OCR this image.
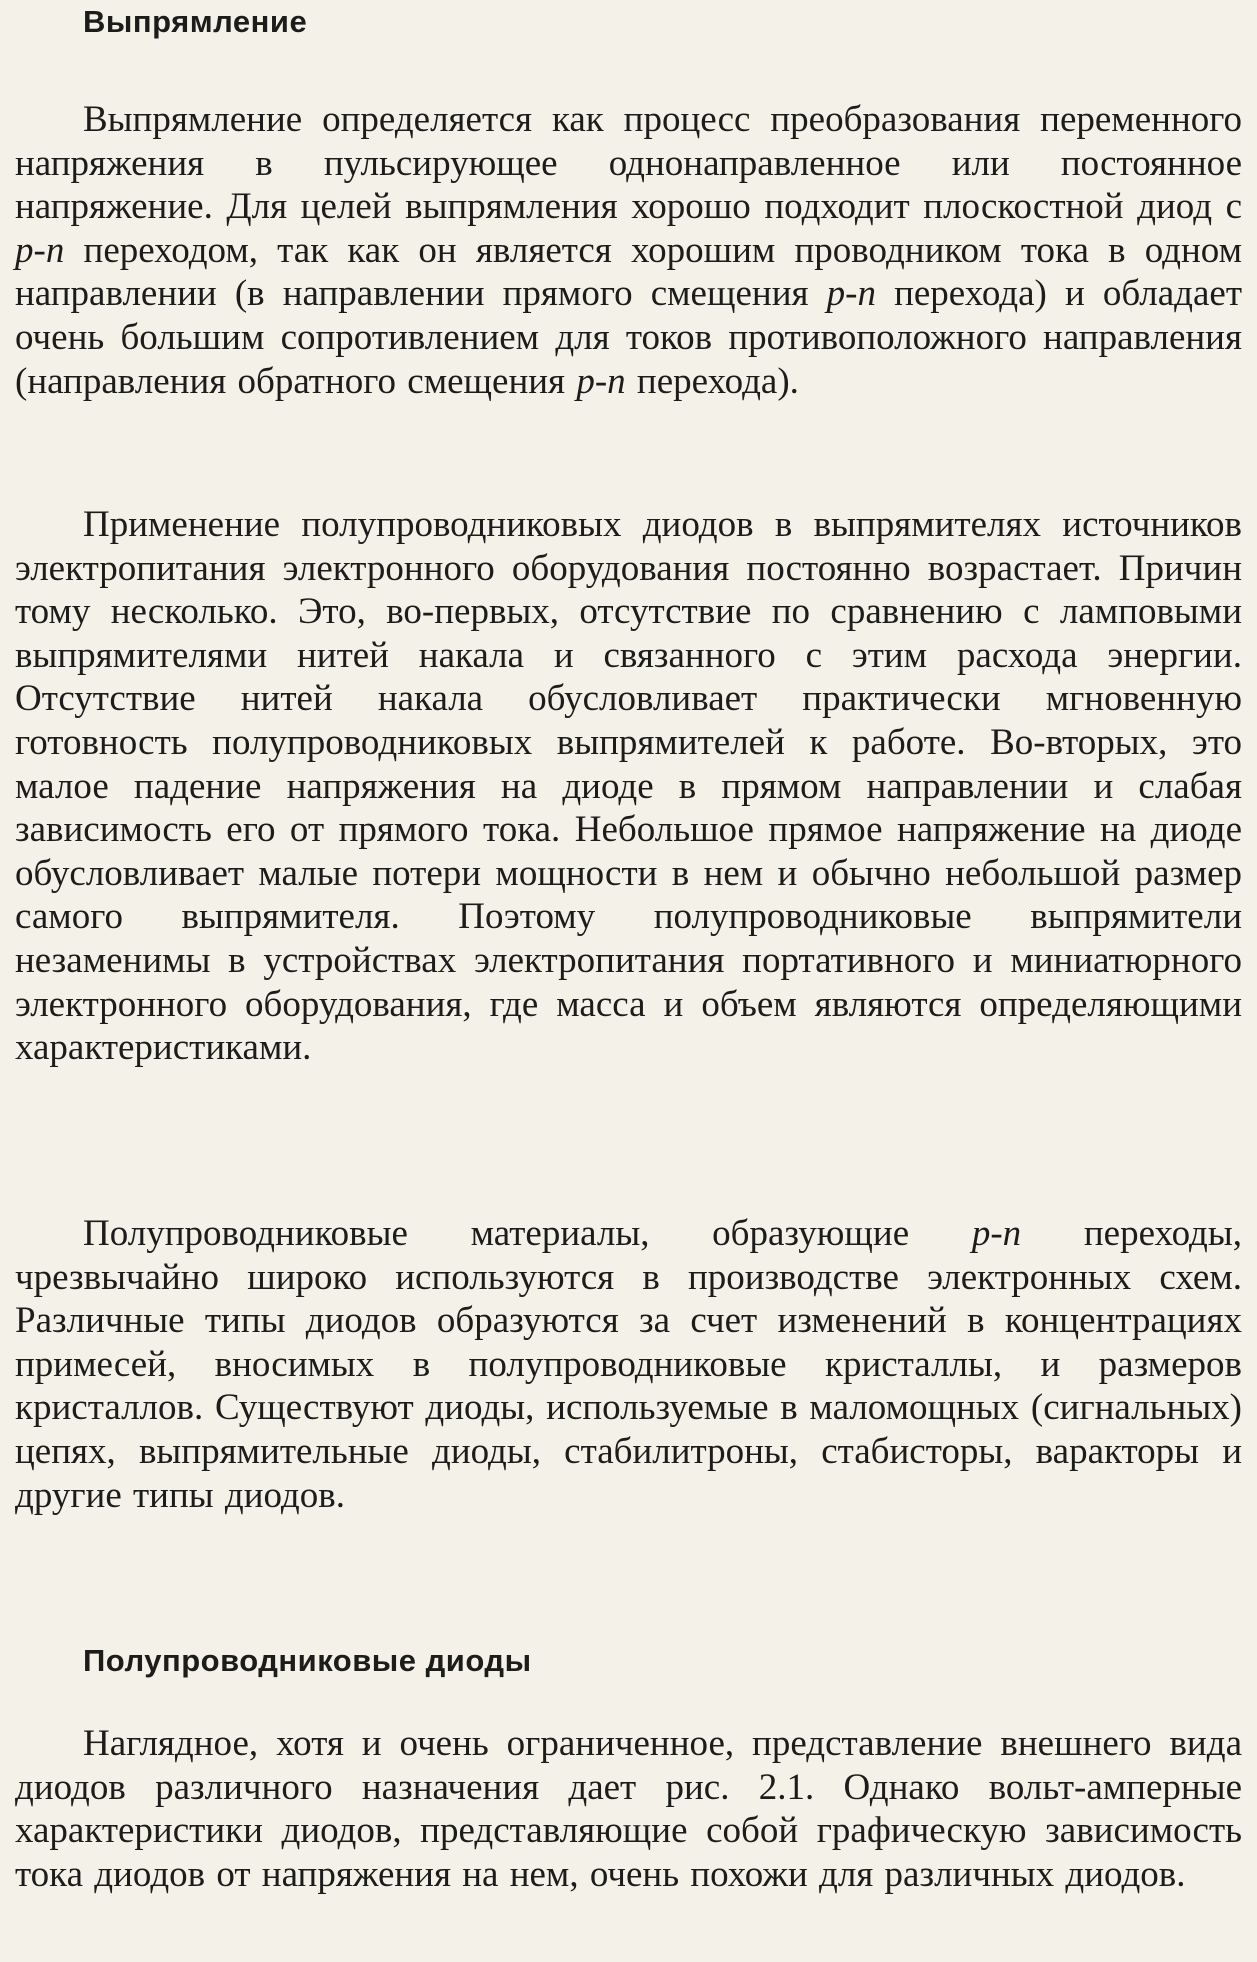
Выпрямление

Выпрямление определяется как процесс преобразования переменного напряжения в пульсирующее однонаправленное или постоянное напряжение. Для целей выпрямления хорошо подходит плоскостной диод с p-n переходом, так как он является хорошим проводником тока в одном направлении (в направлении прямого смещения p-n перехода) и обладает очень большим сопротивлением для токов противоположного направления (направления обратного смещения p-n перехода).

Применение полупроводниковых диодов в выпрямителях источников электропитания электронного оборудования постоянно возрастает. Причин тому несколько. Это, во-первых, отсутствие по сравнению с ламповыми выпрямителями нитей накала и связанного с этим расхода энергии. Отсутствие нитей накала обусловливает практически мгновенную готовность полупроводниковых выпрямителей к работе. Во-вторых, это малое падение напряжения на диоде в прямом направлении и слабая зависимость его от прямого тока. Небольшое прямое напряжение на диоде обусловливает малые потери мощности в нем и обычно небольшой размер самого выпрямителя. Поэтому полупроводниковые выпрямители незаменимы в устройствах электропитания портативного и миниатюрного электронного оборудования, где масса и объем являются определяющими характеристиками.

Полупроводниковые материалы, образующие p-n переходы, чрезвычайно широко используются в производстве электронных схем. Различные типы диодов образуются за счет изменений в концентрациях примесей, вносимых в полупроводниковые кристаллы, и размеров кристаллов. Существуют диоды, используемые в маломощных (сигнальных) цепях, выпрямительные диоды, стабилитроны, стабисторы, варакторы и другие типы диодов.

Полупроводниковые диоды

Наглядное, хотя и очень ограниченное, представление внешнего вида диодов различного назначения дает рис. 2.1. Однако вольт-амперные характеристики диодов, представляющие собой графическую зависимость тока диодов от напряжения на нем, очень похожи для различных диодов.
